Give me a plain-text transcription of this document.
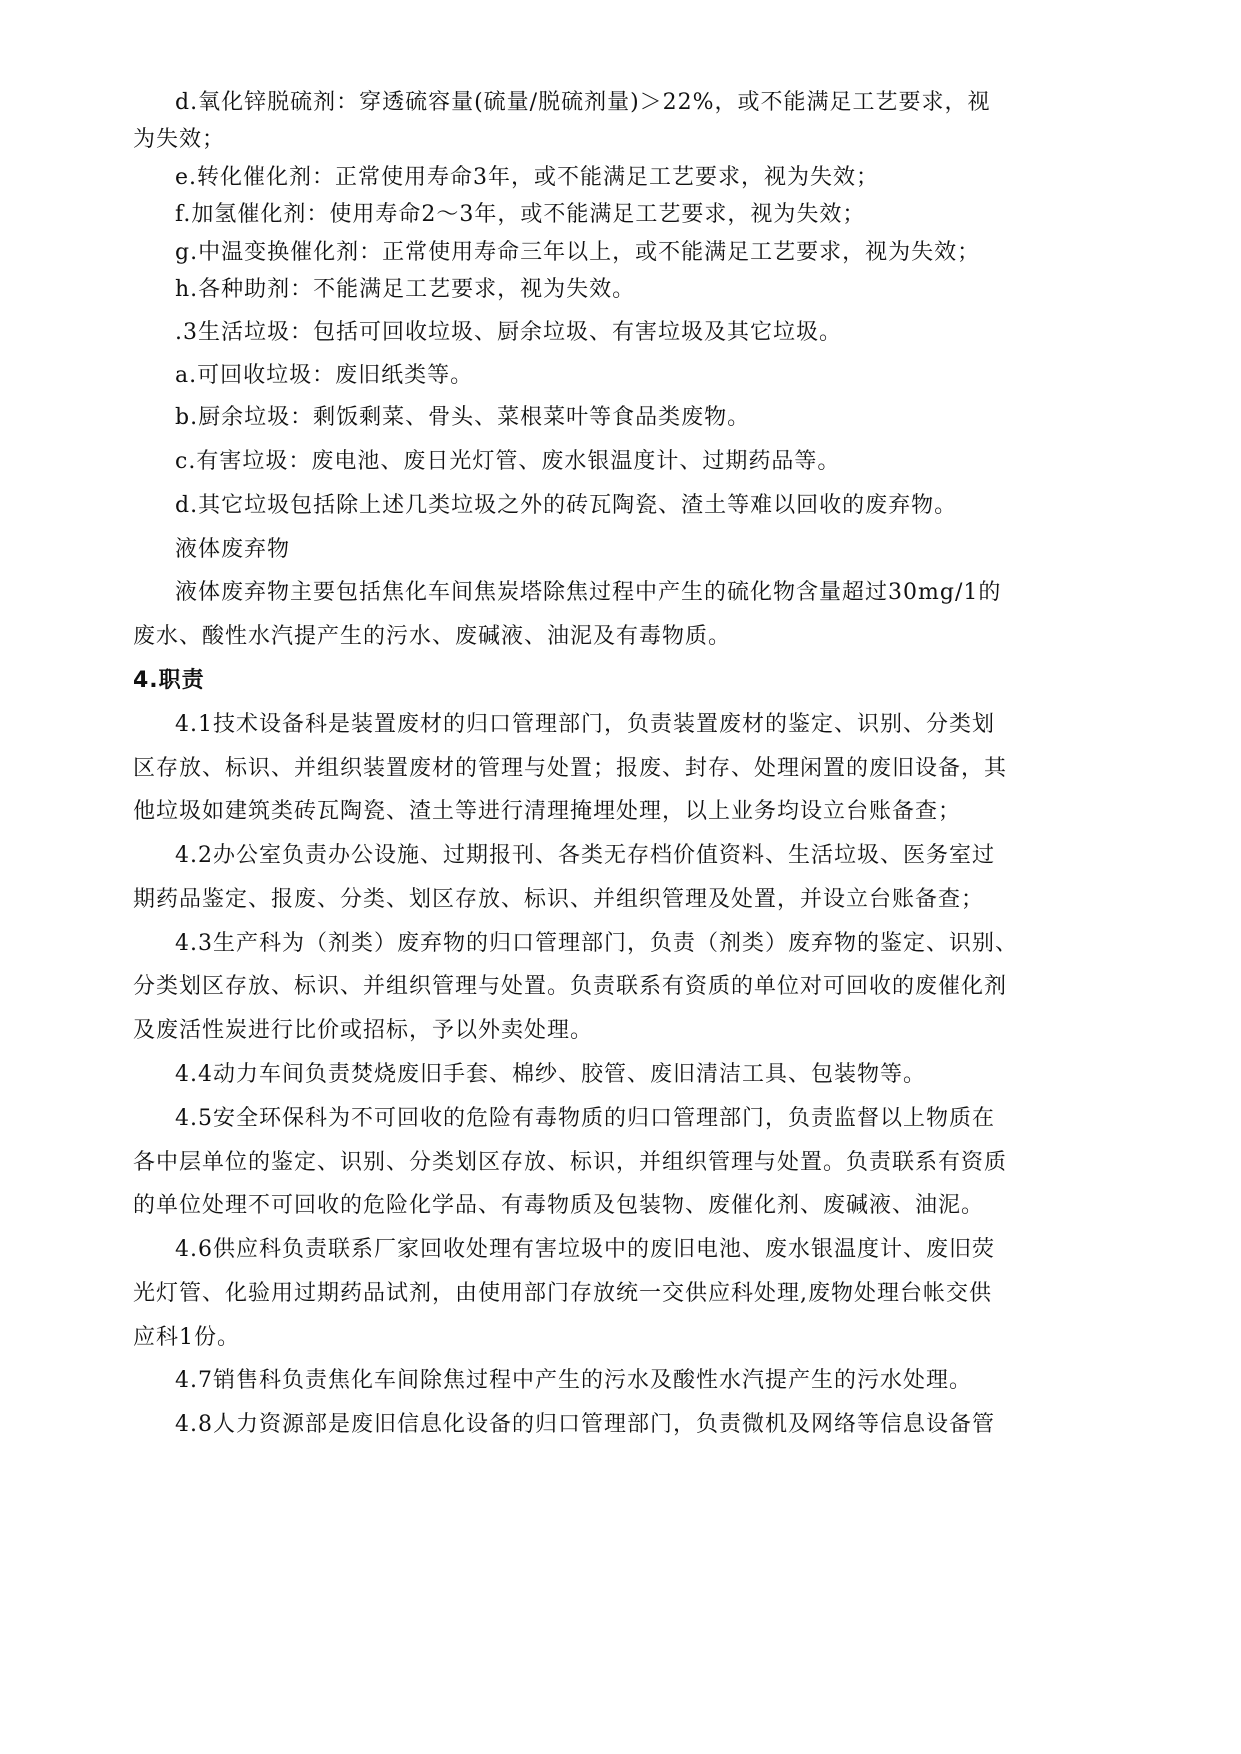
d.氧化锌脱硫剂：穿透硫容量(硫量/脱硫剂量)＞22%，或不能满足工艺要求，视
为失效；
e.转化催化剂：正常使用寿命3年，或不能满足工艺要求，视为失效；
f.加氢催化剂：使用寿命2～3年，或不能满足工艺要求，视为失效；
g.中温变换催化剂：正常使用寿命三年以上，或不能满足工艺要求，视为失效；
h.各种助剂：不能满足工艺要求，视为失效。
.3生活垃圾：包括可回收垃圾、厨余垃圾、有害垃圾及其它垃圾。
a.可回收垃圾：废旧纸类等。
b.厨余垃圾：剩饭剩菜、骨头、菜根菜叶等食品类废物。
c.有害垃圾：废电池、废日光灯管、废水银温度计、过期药品等。
d.其它垃圾包括除上述几类垃圾之外的砖瓦陶瓷、渣土等难以回收的废弃物。
液体废弃物
液体废弃物主要包括焦化车间焦炭塔除焦过程中产生的硫化物含量超过30mg/1的
废水、酸性水汽提产生的污水、废碱液、油泥及有毒物质。
4.职责
4.1技术设备科是装置废材的归口管理部门，负责装置废材的鉴定、识别、分类划
区存放、标识、并组织装置废材的管理与处置；报废、封存、处理闲置的废旧设备，其
他垃圾如建筑类砖瓦陶瓷、渣土等进行清理掩埋处理，以上业务均设立台账备查；
4.2办公室负责办公设施、过期报刊、各类无存档价值资料、生活垃圾、医务室过
期药品鉴定、报废、分类、划区存放、标识、并组织管理及处置，并设立台账备查；
4.3生产科为（剂类）废弃物的归口管理部门，负责（剂类）废弃物的鉴定、识别、
分类划区存放、标识、并组织管理与处置。负责联系有资质的单位对可回收的废催化剂
及废活性炭进行比价或招标，予以外卖处理。
4.4动力车间负责焚烧废旧手套、棉纱、胶管、废旧清洁工具、包装物等。
4.5安全环保科为不可回收的危险有毒物质的归口管理部门，负责监督以上物质在
各中层单位的鉴定、识别、分类划区存放、标识，并组织管理与处置。负责联系有资质
的单位处理不可回收的危险化学品、有毒物质及包装物、废催化剂、废碱液、油泥。
4.6供应科负责联系厂家回收处理有害垃圾中的废旧电池、废水银温度计、废旧荧
光灯管、化验用过期药品试剂，由使用部门存放统一交供应科处理,废物处理台帐交供
应科1份。
4.7销售科负责焦化车间除焦过程中产生的污水及酸性水汽提产生的污水处理。
4.8人力资源部是废旧信息化设备的归口管理部门，负责微机及网络等信息设备管
